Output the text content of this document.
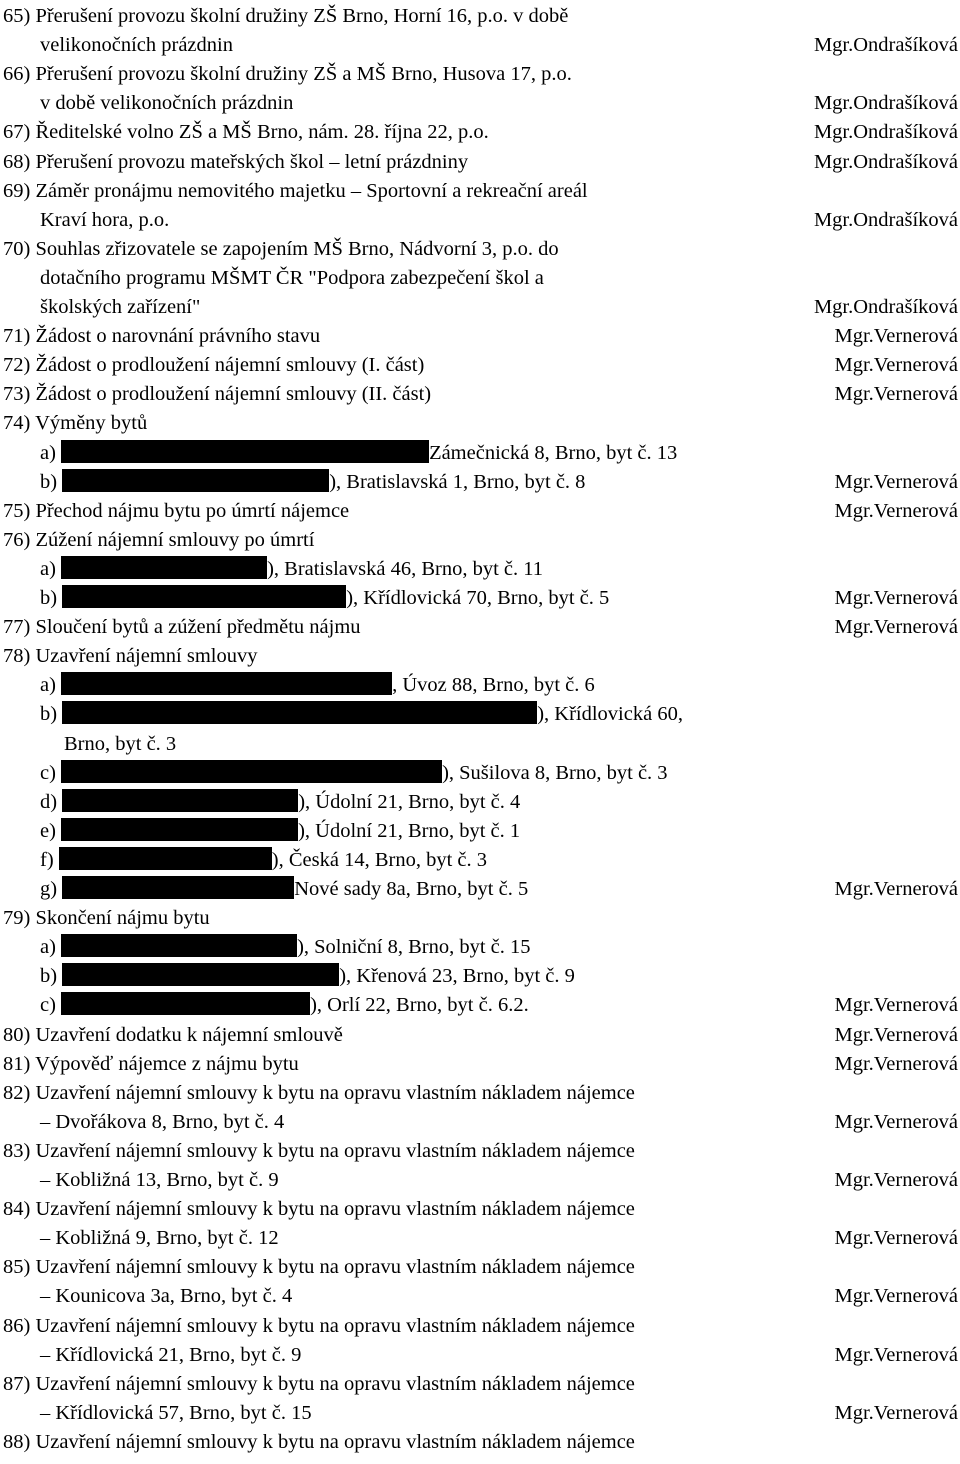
65) Přerušení provozu školní družiny ZŠ Brno, Horní 16, p.o. v době
velikonočních prázdnin	Mgr.Ondrašíková
66) Přerušení provozu školní družiny ZŠ a MŠ Brno, Husova 17, p.o.
v době velikonočních prázdnin	Mgr.Ondrašíková
67) Ředitelské volno ZŠ a MŠ Brno, nám. 28. října 22, p.o.	Mgr.Ondrašíková
68) Přerušení provozu mateřských škol – letní prázdniny	Mgr.Ondrašíková
69) Záměr pronájmu nemovitého majetku – Sportovní a rekreační areál
Kraví hora, p.o.	Mgr.Ondrašíková
70) Souhlas zřizovatele se zapojením MŠ Brno, Nádvorní 3, p.o. do
dotačního programu MŠMT ČR "Podpora zabezpečení škol a
školských zařízení"	Mgr.Ondrašíková
71) Žádost o narovnání právního stavu	Mgr.Vernerová
72) Žádost o prodloužení nájemní smlouvy (I. část)	Mgr.Vernerová
73) Žádost o prodloužení nájemní smlouvy (II. část)	Mgr.Vernerová
74) Výměny bytů
a)	Zámečnická 8, Brno, byt č. 13
b)	), Bratislavská 1, Brno, byt č. 8	Mgr.Vernerová
75) Přechod nájmu bytu po úmrtí nájemce	Mgr.Vernerová
76) Zúžení nájemní smlouvy po úmrtí
a)	), Bratislavská 46, Brno, byt č. 11
b)	), Křídlovická 70, Brno, byt č. 5	Mgr.Vernerová
77) Sloučení bytů a zúžení předmětu nájmu	Mgr.Vernerová
78) Uzavření nájemní smlouvy
a)	, Úvoz 88, Brno, byt č. 6
b)	), Křídlovická 60,
Brno, byt č. 3
c)	), Sušilova 8, Brno, byt č. 3
d)	), Údolní 21, Brno, byt č. 4
e)	), Údolní 21, Brno, byt č. 1
f)	), Česká 14, Brno, byt č. 3
g)	Nové sady 8a, Brno, byt č. 5	Mgr.Vernerová
79) Skončení nájmu bytu
a)	), Solniční 8, Brno, byt č. 15
b)	), Křenová 23, Brno, byt č. 9
c)	), Orlí 22, Brno, byt č. 6.2.	Mgr.Vernerová
80) Uzavření dodatku k nájemní smlouvě	Mgr.Vernerová
81) Výpověď nájemce z nájmu bytu	Mgr.Vernerová
82) Uzavření nájemní smlouvy k bytu na opravu vlastním nákladem nájemce
– Dvořákova 8, Brno, byt č. 4	Mgr.Vernerová
83) Uzavření nájemní smlouvy k bytu na opravu vlastním nákladem nájemce
– Kobližná 13, Brno, byt č. 9	Mgr.Vernerová
84) Uzavření nájemní smlouvy k bytu na opravu vlastním nákladem nájemce
– Kobližná 9, Brno, byt č. 12	Mgr.Vernerová
85) Uzavření nájemní smlouvy k bytu na opravu vlastním nákladem nájemce
– Kounicova 3a, Brno, byt č. 4	Mgr.Vernerová
86) Uzavření nájemní smlouvy k bytu na opravu vlastním nákladem nájemce
– Křídlovická 21, Brno, byt č. 9	Mgr.Vernerová
87) Uzavření nájemní smlouvy k bytu na opravu vlastním nákladem nájemce
– Křídlovická 57, Brno, byt č. 15	Mgr.Vernerová
88) Uzavření nájemní smlouvy k bytu na opravu vlastním nákladem nájemce
